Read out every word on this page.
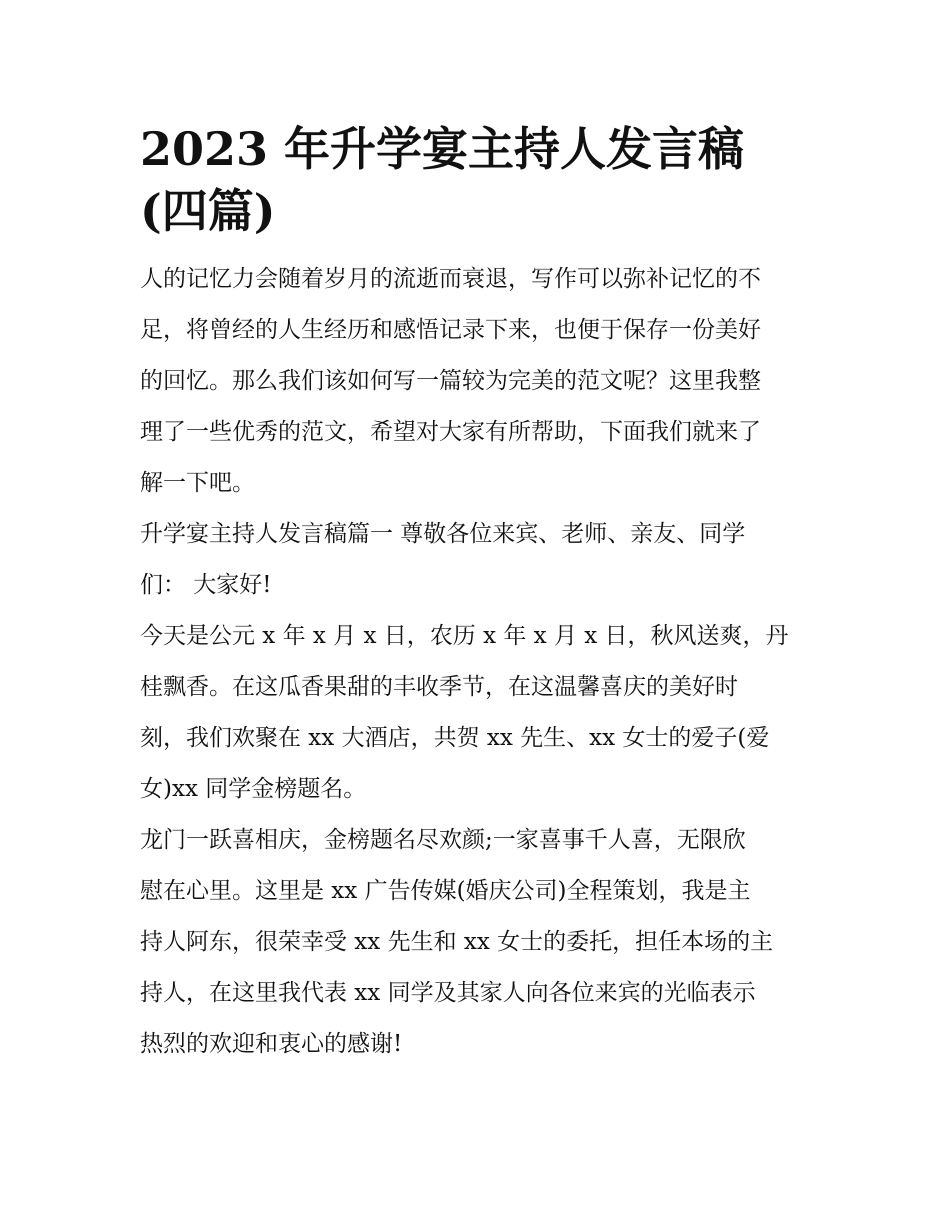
2023 年升学宴主持人发言稿
(四篇)

人的记忆力会随着岁月的流逝而衰退，写作可以弥补记忆的不
足，将曾经的人生经历和感悟记录下来，也便于保存一份美好
的回忆。那么我们该如何写一篇较为完美的范文呢？这里我整
理了一些优秀的范文，希望对大家有所帮助，下面我们就来了
解一下吧。

升学宴主持人发言稿篇一 尊敬各位来宾、老师、亲友、同学
们： 大家好!

今天是公元 x 年 x 月 x 日，农历 x 年 x 月 x 日，秋风送爽，丹
桂飘香。在这瓜香果甜的丰收季节，在这温馨喜庆的美好时
刻，我们欢聚在 xx 大酒店，共贺 xx 先生、xx 女士的爱子(爱
女)xx 同学金榜题名。

龙门一跃喜相庆，金榜题名尽欢颜;一家喜事千人喜，无限欣
慰在心里。这里是 xx 广告传媒(婚庆公司)全程策划，我是主
持人阿东，很荣幸受 xx 先生和 xx 女士的委托，担任本场的主
持人，在这里我代表 xx 同学及其家人向各位来宾的光临表示
热烈的欢迎和衷心的感谢!
